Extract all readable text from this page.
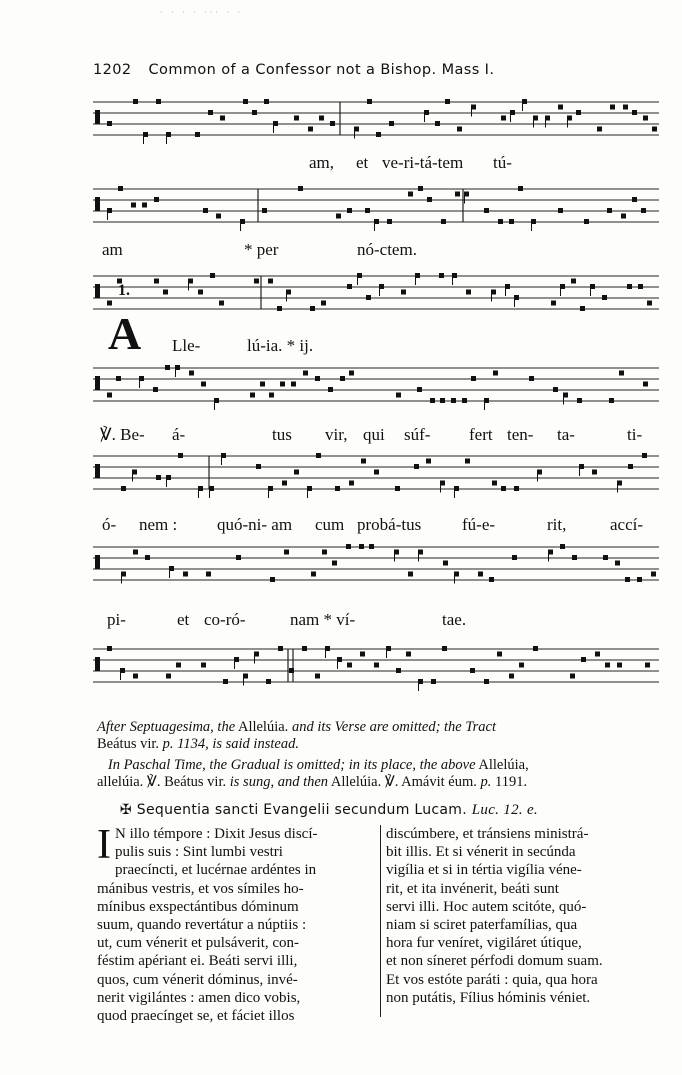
· · · · ··· · ·
1202 Common of a Confessor not a Bishop. Mass I.
am, et ve-ri-tá-tem tú-
am	* per	nó-ctem.
Lle-	lú-ia. * ij.
℣. Be- á-	tus vir, qui súf- fert ten- ta-	ti-
ó- nem : quó-ni- am cum probá-tus fú-e-	rit,	accí-
pi-	et co-ró-	nam * ví-	tae.
1.
A
After Septuagesima, the Allelúia. and its Verse are omitted; the Tract
Beátus vir. p. 1134, is said instead.
In Paschal Time, the Gradual is omitted; in its place, the above Allelúia,
allelúia. ℣. Beátus vir. is sung, and then Allelúia. ℣. Amávit éum. p. 1191.
✠ Sequentia sancti Evangelii secundum Lucam. Luc. 12. e.
I N illo témpore : Dixit Jesus discí-
pulis suis : Sint lumbi vestri
praecíncti, et lucérnae ardéntes in
mánibus vestris, et vos símiles ho-
mínibus exspectántibus dóminum
suum, quando revertátur a núptiis :
ut, cum vénerit et pulsáverit, con-
féstim apériant ei. Beáti servi illi,
quos, cum vénerit dóminus, invé-
nerit vigilántes : amen dico vobis,
quod praecínget se, et fáciet illos
discúmbere, et tránsiens ministrá-
bit illis. Et si vénerit in secúnda
vigília et si in tértia vigília véne-
rit, et ita invénerit, beáti sunt
servi illi. Hoc autem scitóte, quó-
niam si sciret paterfamílias, qua
hora fur veníret, vigiláret útique,
et non síneret pérfodi domum suam.
Et vos estóte paráti : quia, qua hora
non putátis, Fílius hóminis véniet.
